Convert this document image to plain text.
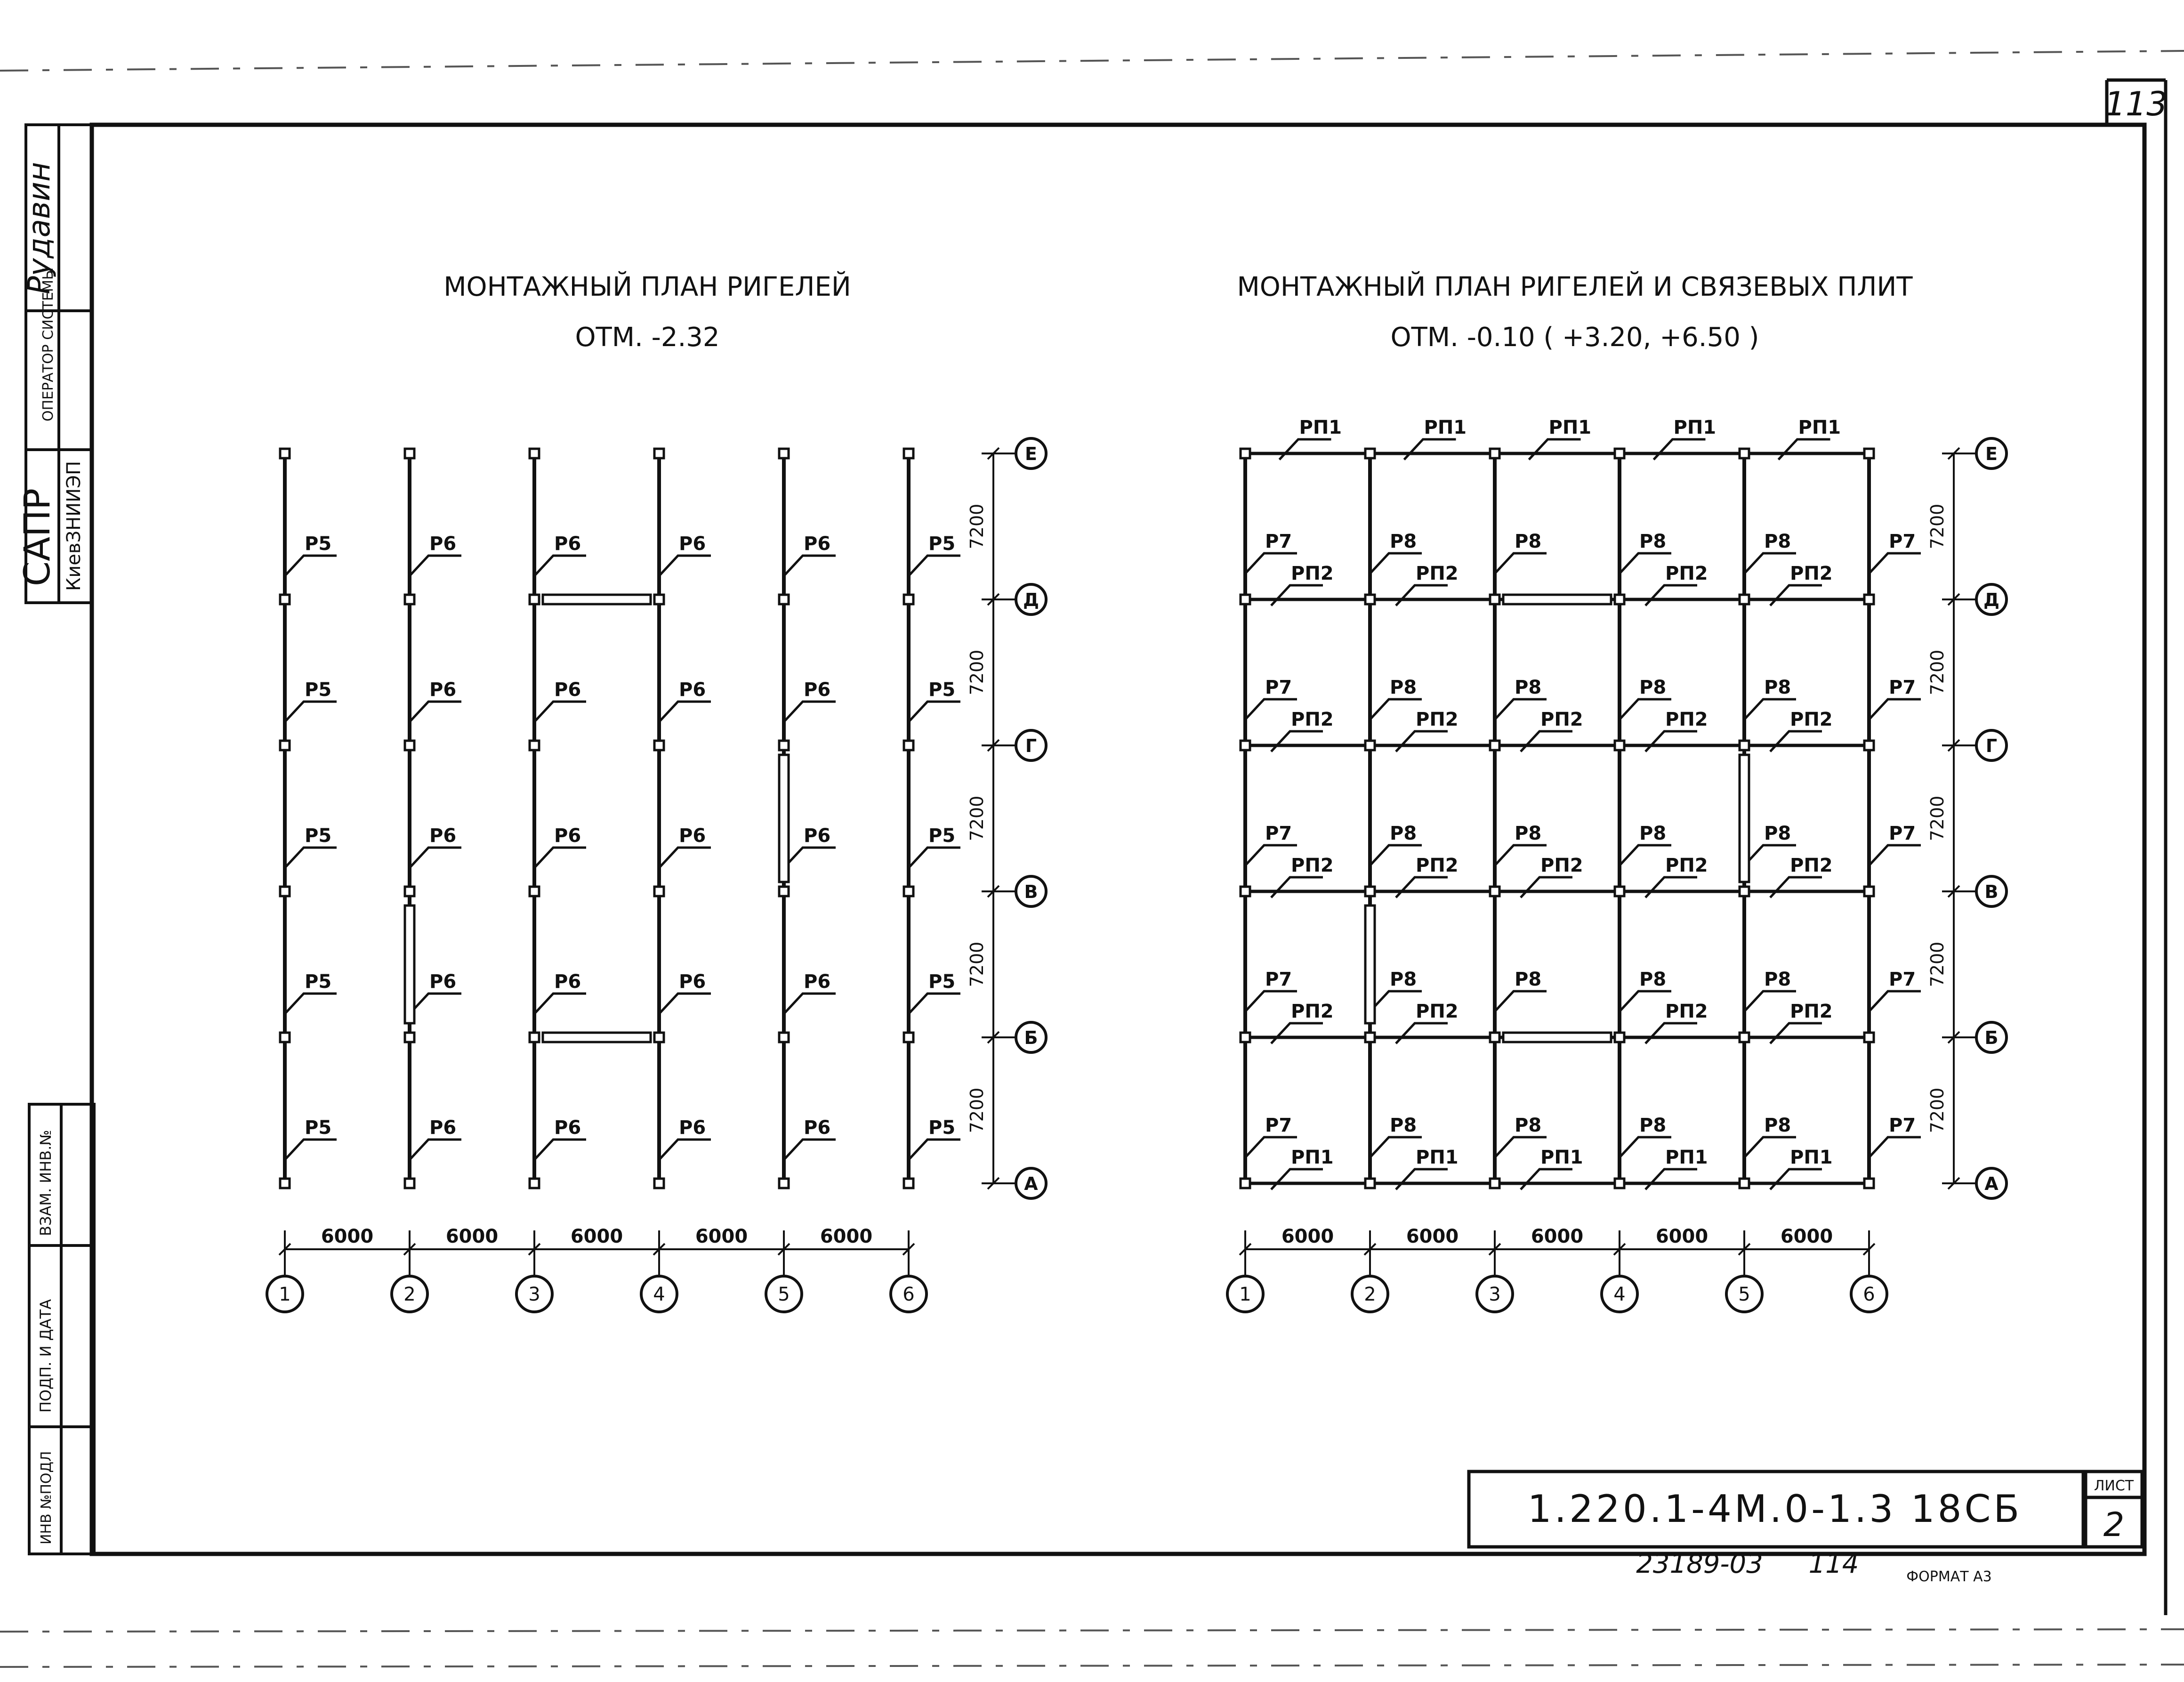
113
Рудавин
ОПЕРАТОР СИСТЕМЫ
САПР КиевЗНИИЭП
ВЗАМ. ИНВ.№
ПОДП. И ДАТА
ИНВ №ПОДЛ
МОНТАЖНЫЙ ПЛАН РИГЕЛЕЙ
ОТМ. -2.32
МОНТАЖНЫЙ ПЛАН РИГЕЛЕЙ И СВЯЗЕВЫХ ПЛИТ
ОТМ. -0.10 ( +3.20, +6.50 )
Р5
Р5
Р5
Р5
Р5
Р6
Р6
Р6
Р6
Р6
Р6
Р6
Р6
Р6
Р6
Р6
Р6
Р6
Р6
Р6
Р6
Р6
Р6
Р6
Р6
Р5
Р5
Р5
Р5
Р5
Е
Д
Г
В
Б
А
7200
7200
7200
7200
7200
1	2	3	4	5	6
6000	6000	6000	6000	6000
Р7
Р7
Р7
Р7
Р7
Р8
Р8
Р8
Р8
Р8
Р8
Р8
Р8
Р8
Р8
Р8
Р8
Р8
Р8
Р8
Р8
Р8
Р8
Р8
Р8
Р7
Р7
Р7
Р7
Р7
РП1	РП1	РП1	РП1	РП1
РП2	РП2	РП2	РП2
РП2	РП2	РП2	РП2	РП2
РП2	РП2	РП2	РП2	РП2
РП2	РП2	РП2	РП2
РП1	РП1	РП1	РП1	РП1
Е
Д
Г
В
Б
А
7200
7200
7200
7200
7200
1	2	3	4	5	6
6000	6000	6000	6000	6000
1.220.1-4М.0-1.3 18СБ
ЛИСТ
2
23189-03 114	ФОРМАТ А3
